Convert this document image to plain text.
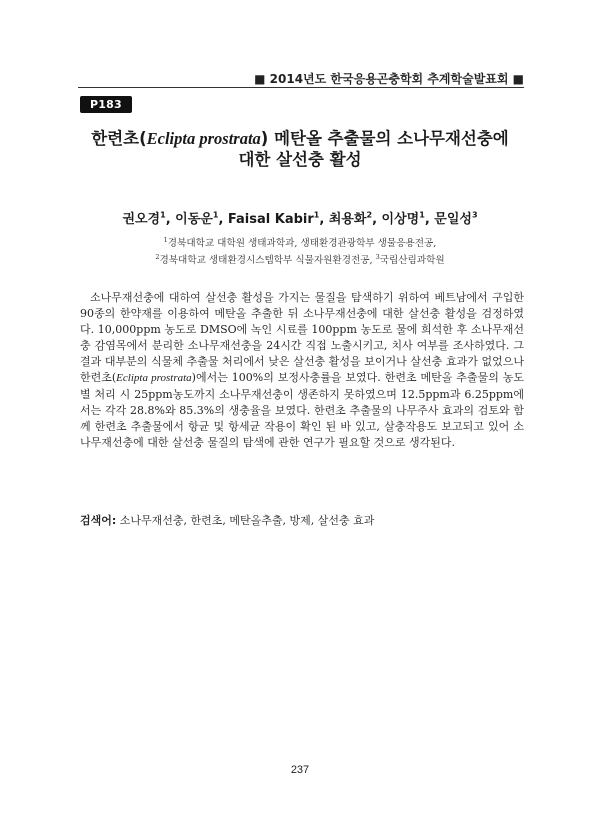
■ 2014년도 한국응용곤충학회 추계학술발표회 ■
P183
한련초(Eclipta prostrata) 메탄올 추출물의 소나무재선충에
대한 살선충 활성
권오경$^1$, 이동운$^1$, Faisal Kabir$^1$, 최용화$^2$, 이상명$^1$, 문일성$^3$
$^1$경북대학교 대학원 생태과학과, 생태환경관광학부 생물응용전공,
$^2$경북대학교 생태환경시스템학부 식물자원환경전공, $^3$국립산림과학원

소나무재선충에 대하여 살선충 활성을 가지는 물질을 탐색하기 위하여 베트남에서 구입한 90종의 한약재를 이용하여 메탄올 추출한 뒤 소나무재선충에 대한 살선충 활성을 검정하였다. 10,000ppm 농도로 DMSO에 녹인 시료를 100ppm 농도로 물에 희석한 후 소나무재선충 감염목에서 분리한 소나무재선충을 24시간 직접 노출시키고, 치사 여부를 조사하였다. 그 결과 대부분의 식물체 추출물 처리에서 낮은 살선충 활성을 보이거나 살선충 효과가 없었으나 한련초(Eclipta prostrata)에서는 100%의 보정사충률을 보였다. 한련초 메탄올 추출물의 농도별 처리 시 25ppm농도까지 소나무재선충이 생존하지 못하였으며 12.5ppm과 6.25ppm에서는 각각 28.8%와 85.3%의 생충율을 보였다. 한련초 추출물의 나무주사 효과의 검토와 함께 한련초 추출물에서 항균 및 항세균 작용이 확인 된 바 있고, 살충작용도 보고되고 있어 소나무재선충에 대한 살선충 물질의 탐색에 관한 연구가 필요할 것으로 생각된다.

검색어: 소나무재선충, 한련초, 메탄올추출, 방제, 살선충 효과
237
